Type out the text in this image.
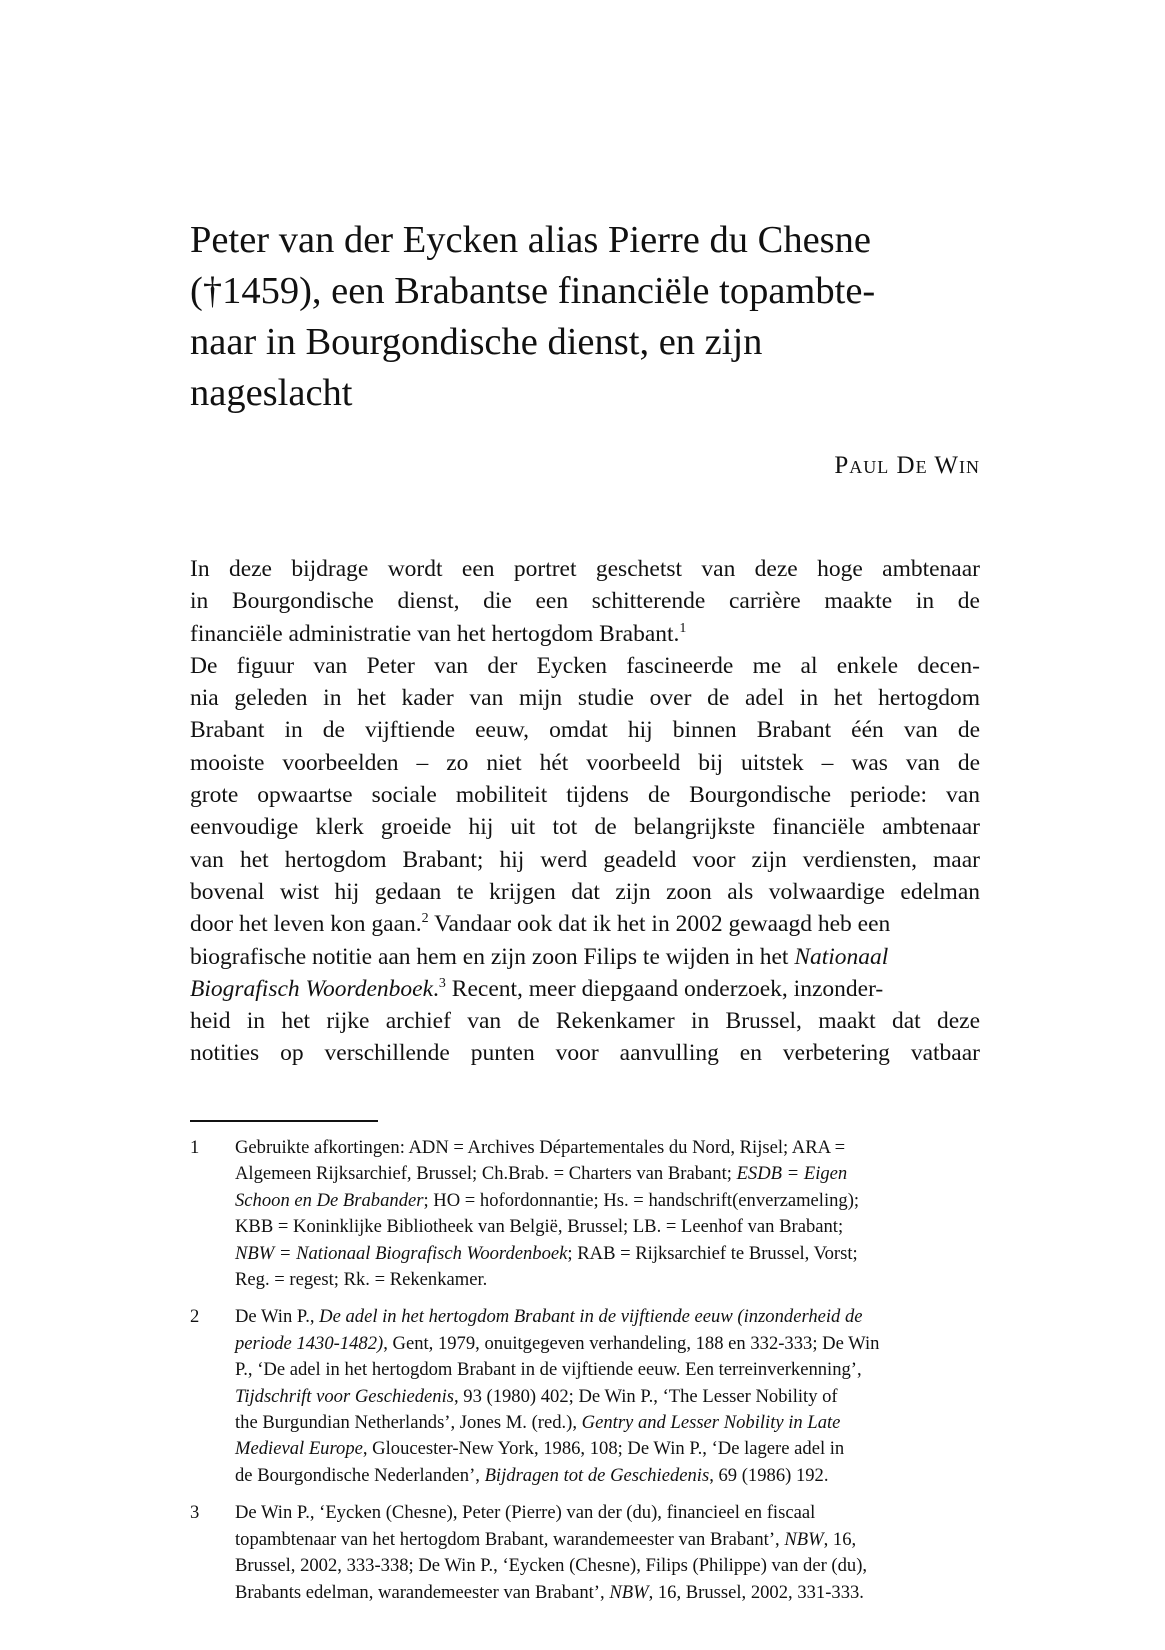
Peter van der Eycken alias Pierre du Chesne
(†1459), een Brabantse financiële topambte-
naar in Bourgondische dienst, en zijn
nageslacht
Paul De Win
In deze bijdrage wordt een portret geschetst van deze hoge ambtenaar
in Bourgondische dienst, die een schitterende carrière maakte in de
financiële administratie van het hertogdom Brabant.$^1$
De figuur van Peter van der Eycken fascineerde me al enkele decen-
nia geleden in het kader van mijn studie over de adel in het hertogdom
Brabant in de vijftiende eeuw, omdat hij binnen Brabant één van de
mooiste voorbeelden – zo niet hét voorbeeld bij uitstek – was van de
grote opwaartse sociale mobiliteit tijdens de Bourgondische periode: van
eenvoudige klerk groeide hij uit tot de belangrijkste financiële ambtenaar
van het hertogdom Brabant; hij werd geadeld voor zijn verdiensten, maar
bovenal wist hij gedaan te krijgen dat zijn zoon als volwaardige edelman
door het leven kon gaan.$^2$ Vandaar ook dat ik het in 2002 gewaagd heb een
biografische notitie aan hem en zijn zoon Filips te wijden in het Nationaal
Biografisch Woordenboek.$^3$ Recent, meer diepgaand onderzoek, inzonder-
heid in het rijke archief van de Rekenkamer in Brussel, maakt dat deze
notities op verschillende punten voor aanvulling en verbetering vatbaar
1 Gebruikte afkortingen: ADN = Archives Départementales du Nord, Rijsel; ARA =
Algemeen Rijksarchief, Brussel; Ch.Brab. = Charters van Brabant; ESDB = Eigen
Schoon en De Brabander; HO = hofordonnantie; Hs. = handschrift(enverzameling);
KBB = Koninklijke Bibliotheek van België, Brussel; LB. = Leenhof van Brabant;
NBW = Nationaal Biografisch Woordenboek; RAB = Rijksarchief te Brussel, Vorst;
Reg. = regest; Rk. = Rekenkamer.
2 De Win P., De adel in het hertogdom Brabant in de vijftiende eeuw (inzonderheid de
periode 1430-1482), Gent, 1979, onuitgegeven verhandeling, 188 en 332-333; De Win
P., ‘De adel in het hertogdom Brabant in de vijftiende eeuw. Een terreinverkenning’,
Tijdschrift voor Geschiedenis, 93 (1980) 402; De Win P., ‘The Lesser Nobility of
the Burgundian Netherlands’, Jones M. (red.), Gentry and Lesser Nobility in Late
Medieval Europe, Gloucester-New York, 1986, 108; De Win P., ‘De lagere adel in
de Bourgondische Nederlanden’, Bijdragen tot de Geschiedenis, 69 (1986) 192.
3 De Win P., ‘Eycken (Chesne), Peter (Pierre) van der (du), financieel en fiscaal
topambtenaar van het hertogdom Brabant, warandemeester van Brabant’, NBW, 16,
Brussel, 2002, 333-338; De Win P., ‘Eycken (Chesne), Filips (Philippe) van der (du),
Brabants edelman, warandemeester van Brabant’, NBW, 16, Brussel, 2002, 331-333.
